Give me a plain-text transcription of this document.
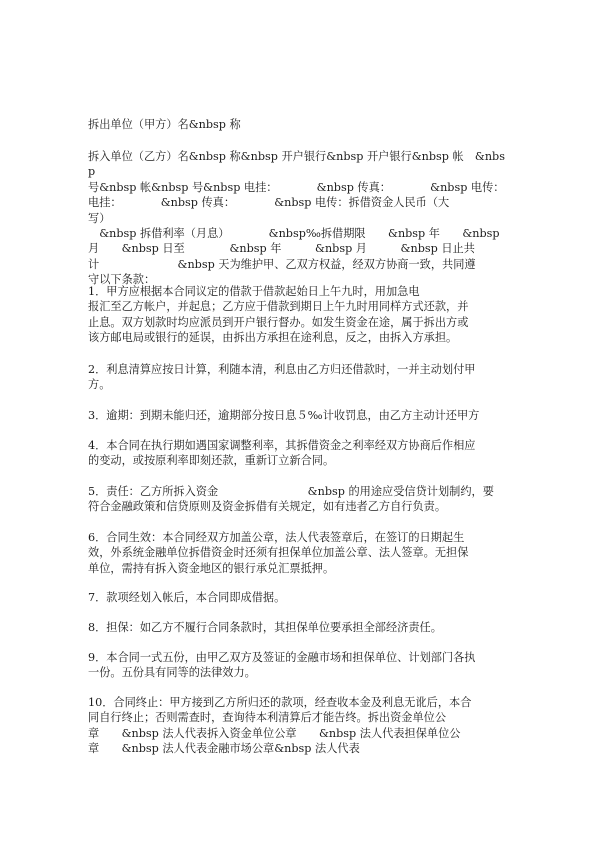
拆出单位（甲方）名&nbsp 称

拆入单位（乙方）名&nbsp 称&nbsp 开户银行&nbsp 开户银行&nbsp 帐　&nbsp
号&nbsp 帐&nbsp 号&nbsp 电挂：　　　　&nbsp 传真：　　　　&nbsp 电传：
电挂：　　　　&nbsp 传真：　　　　&nbsp 电传：拆借资金人民币（大
写）
　&nbsp 拆借利率（月息）　　　　&nbsp‰拆借期限　　&nbsp 年　　&nbsp
月　　&nbsp 日至　　　　&nbsp 年　　　&nbsp 月　　　&nbsp 日止共
计　　　　　　　&nbsp 天为维护甲、乙双方权益，经双方协商一致，共同遵
守以下条款：

1．甲方应根据本合同议定的借款于借款起始日上午九时，用加急电
报汇至乙方帐户，并起息；乙方应于借款到期日上午九时用同样方式还款，并
止息。双方划款时均应派员到开户银行督办。如发生资金在途，属于拆出方或
该方邮电局或银行的延误，由拆出方承担在途利息，反之，由拆入方承担。

2．利息清算应按日计算，利随本清，利息由乙方归还借款时，一并主动划付甲
方。

3．逾期：到期未能归还，逾期部分按日息５‰计收罚息，由乙方主动计还甲方

4．本合同在执行期如遇国家调整利率，其拆借资金之利率经双方协商后作相应
的变动，或按原利率即刻还款，重新订立新合同。

5．责任：乙方所拆入资金　　　　　　　　&nbsp 的用途应受信贷计划制约，要
符合金融政策和信贷原则及资金拆借有关规定，如有违者乙方自行负责。

6．合同生效：本合同经双方加盖公章，法人代表签章后，在签订的日期起生
效，外系统金融单位拆借资金时还须有担保单位加盖公章、法人签章。无担保
单位，需持有拆入资金地区的银行承兑汇票抵押。

7．款项经划入帐后，本合同即成借据。

8．担保：如乙方不履行合同条款时，其担保单位要承担全部经济责任。

9．本合同一式五份，由甲乙双方及签证的金融市场和担保单位、计划部门各执
一份。五份具有同等的法律效力。

10．合同终止：甲方接到乙方所归还的款项，经查收本金及利息无讹后，本合
同自行终止；否则需查时，查询待本利清算后才能告终。拆出资金单位公
章　　&nbsp 法人代表拆入资金单位公章　　&nbsp 法人代表担保单位公
章　　&nbsp 法人代表金融市场公章&nbsp 法人代表
